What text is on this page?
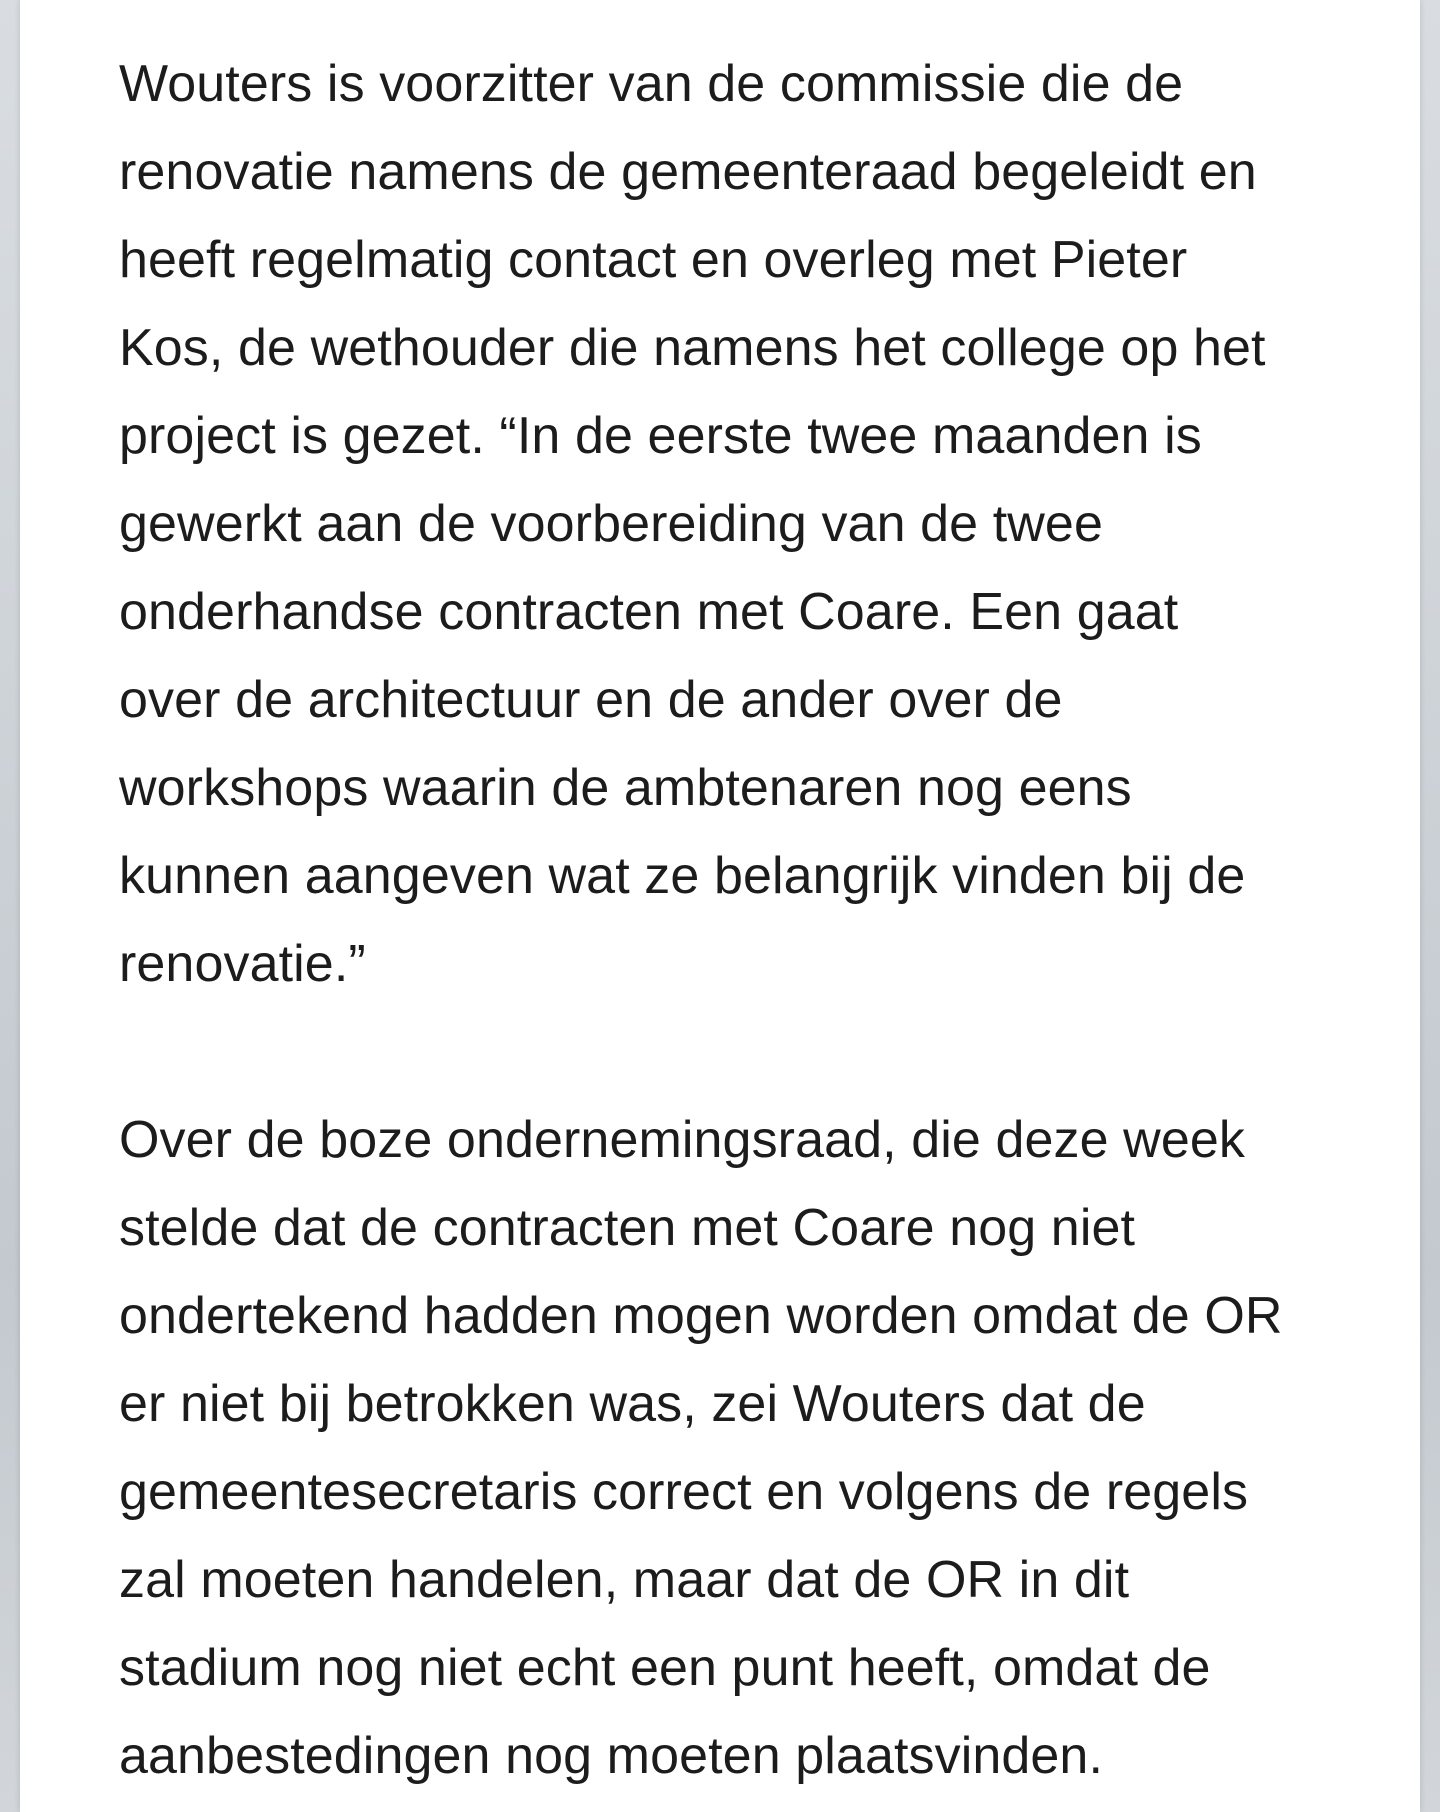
Wouters is voorzitter van de commissie die de
renovatie namens de gemeenteraad begeleidt en
heeft regelmatig contact en overleg met Pieter
Kos, de wethouder die namens het college op het
project is gezet. “In de eerste twee maanden is
gewerkt aan de voorbereiding van de twee
onderhandse contracten met Coare. Een gaat
over de architectuur en de ander over de
workshops waarin de ambtenaren nog eens
kunnen aangeven wat ze belangrijk vinden bij de
renovatie.”

Over de boze ondernemingsraad, die deze week
stelde dat de contracten met Coare nog niet
ondertekend hadden mogen worden omdat de OR
er niet bij betrokken was, zei Wouters dat de
gemeentesecretaris correct en volgens de regels
zal moeten handelen, maar dat de OR in dit
stadium nog niet echt een punt heeft, omdat de
aanbestedingen nog moeten plaatsvinden.
